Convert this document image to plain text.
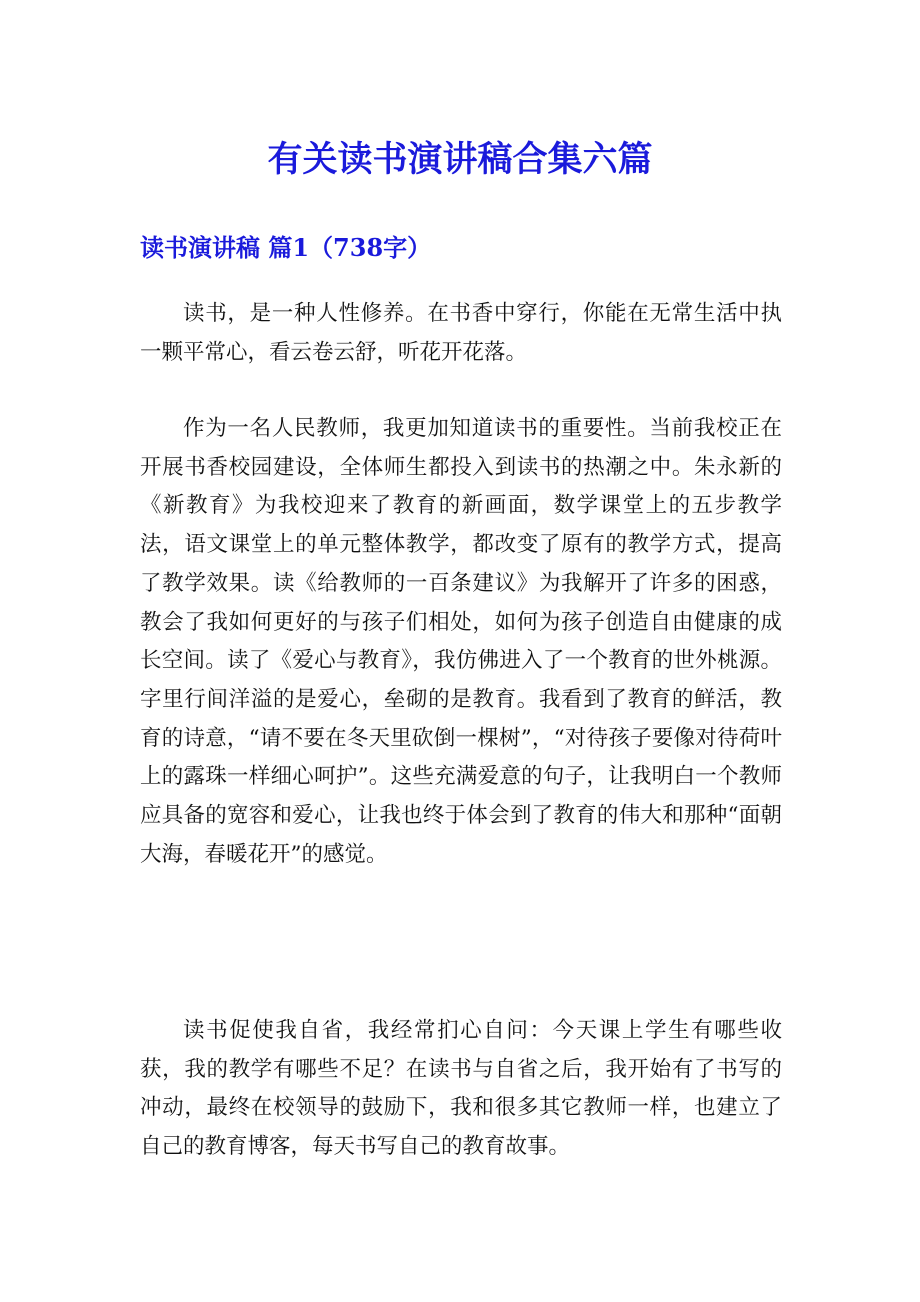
有关读书演讲稿合集六篇
读书演讲稿 篇1（738字）

读书，是一种人性修养。在书香中穿行，你能在无常生活中执一颗平常心，看云卷云舒，听花开花落。

作为一名人民教师，我更加知道读书的重要性。当前我校正在开展书香校园建设，全体师生都投入到读书的热潮之中。朱永新的《新教育》为我校迎来了教育的新画面，数学课堂上的五步教学法，语文课堂上的单元整体教学，都改变了原有的教学方式，提高了教学效果。读《给教师的一百条建议》为我解开了许多的困惑，教会了我如何更好的与孩子们相处，如何为孩子创造自由健康的成长空间。读了《爱心与教育》，我仿佛进入了一个教育的世外桃源。字里行间洋溢的是爱心，垒砌的是教育。我看到了教育的鲜活，教育的诗意，“请不要在冬天里砍倒一棵树”，“对待孩子要像对待荷叶上的露珠一样细心呵护”。这些充满爱意的句子，让我明白一个教师应具备的宽容和爱心，让我也终于体会到了教育的伟大和那种“面朝大海，春暖花开”的感觉。

读书促使我自省，我经常扪心自问：今天课上学生有哪些收获，我的教学有哪些不足？在读书与自省之后，我开始有了书写的冲动，最终在校领导的鼓励下，我和很多其它教师一样，也建立了自己的教育博客，每天书写自己的教育故事。
